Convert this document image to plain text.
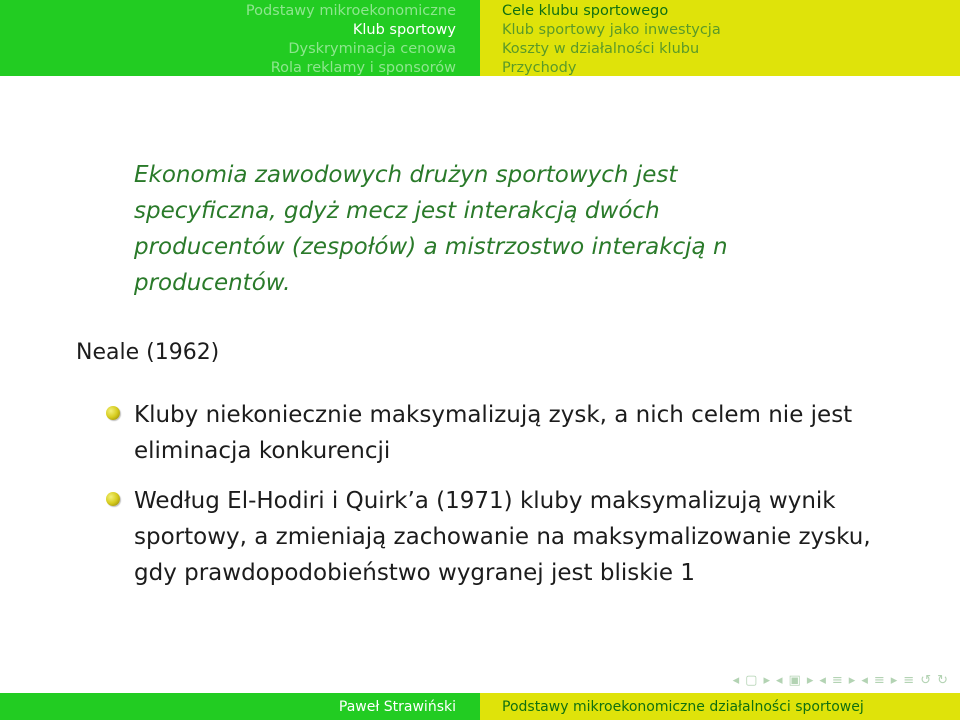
Podstawy mikroekonomiczne
Klub sportowy
Dyskryminacja cenowa
Rola reklamy i sponsorów
Cele klubu sportowego
Klub sportowy jako inwestycja
Koszty w działalności klubu
Przychody
Ekonomia zawodowych drużyn sportowych jest specyficzna, gdyż mecz jest interakcją dwóch producentów (zespołów) a mistrzostwo interakcją n producentów.
Neale (1962)
Kluby niekoniecznie maksymalizują zysk, a nich celem nie jest eliminacja konkurencji
Według El-Hodiri i Quirk’a (1971) kluby maksymalizują wynik sportowy, a zmieniają zachowanie na maksymalizowanie zysku, gdy prawdopodobieństwo wygranej jest bliskie 1
◂ ▢ ▸ ◂ ▣ ▸ ◂ ≡ ▸ ◂ ≡ ▸ ≡ ↺ ↻
Paweł Strawiński	Podstawy mikroekonomiczne działalności sportowej
